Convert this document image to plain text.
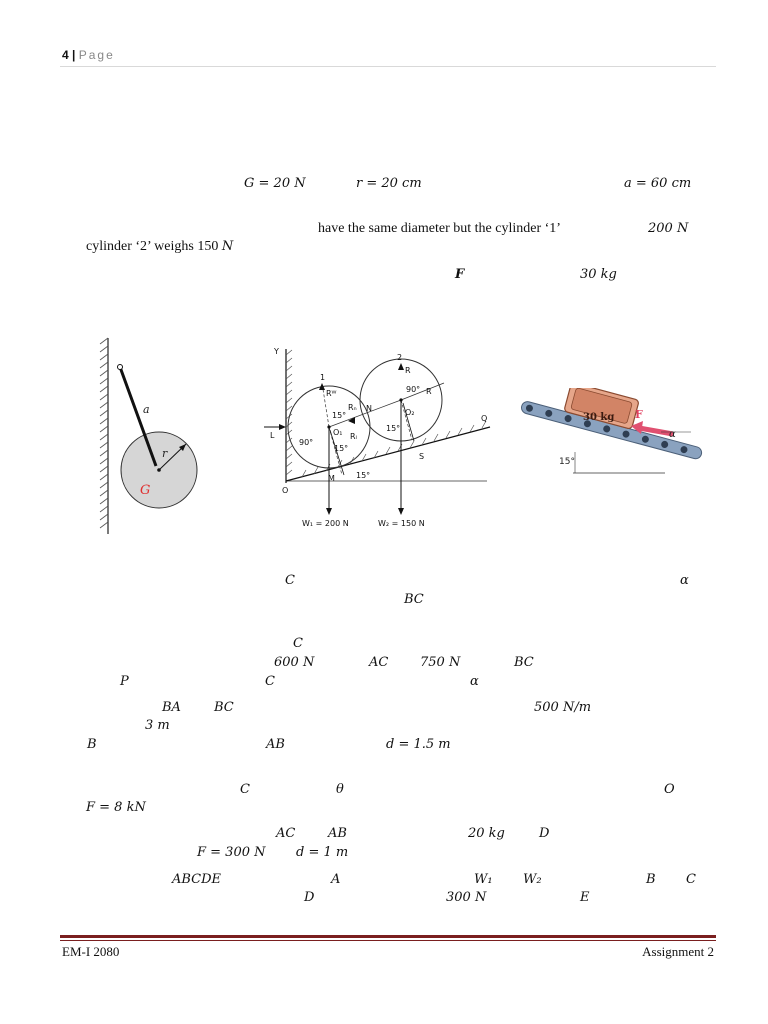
4 | Page
G = 20 N	r = 20 cm	a = 60 cm
have the same diameter but the cylinder ‘1’	200 N
cylinder ‘2’ weighs 150 N
F	30 kg
a
r
G
Y
L
O
Q
M
S
N
1
2
O₁
O₂
Rᵂ
Rₙ
Rₗ
R
R
90°
90°
15°
15°
15°
15°
W₁ = 200 N	W₂ = 150 N
30 kg F
α
15°
C	α
BC
C
600 N	AC 750 N	BC
P	C	α
BA	BC	500 N/m
3 m
B	AB	d = 1.5 m
C	θ	O
F = 8 kN
AC	AB	20 kg	D
F = 300 N d = 1 m
ABCDE	A	W₁ W₂	B C
D	300 N	E
EM-I 2080	Assignment 2
